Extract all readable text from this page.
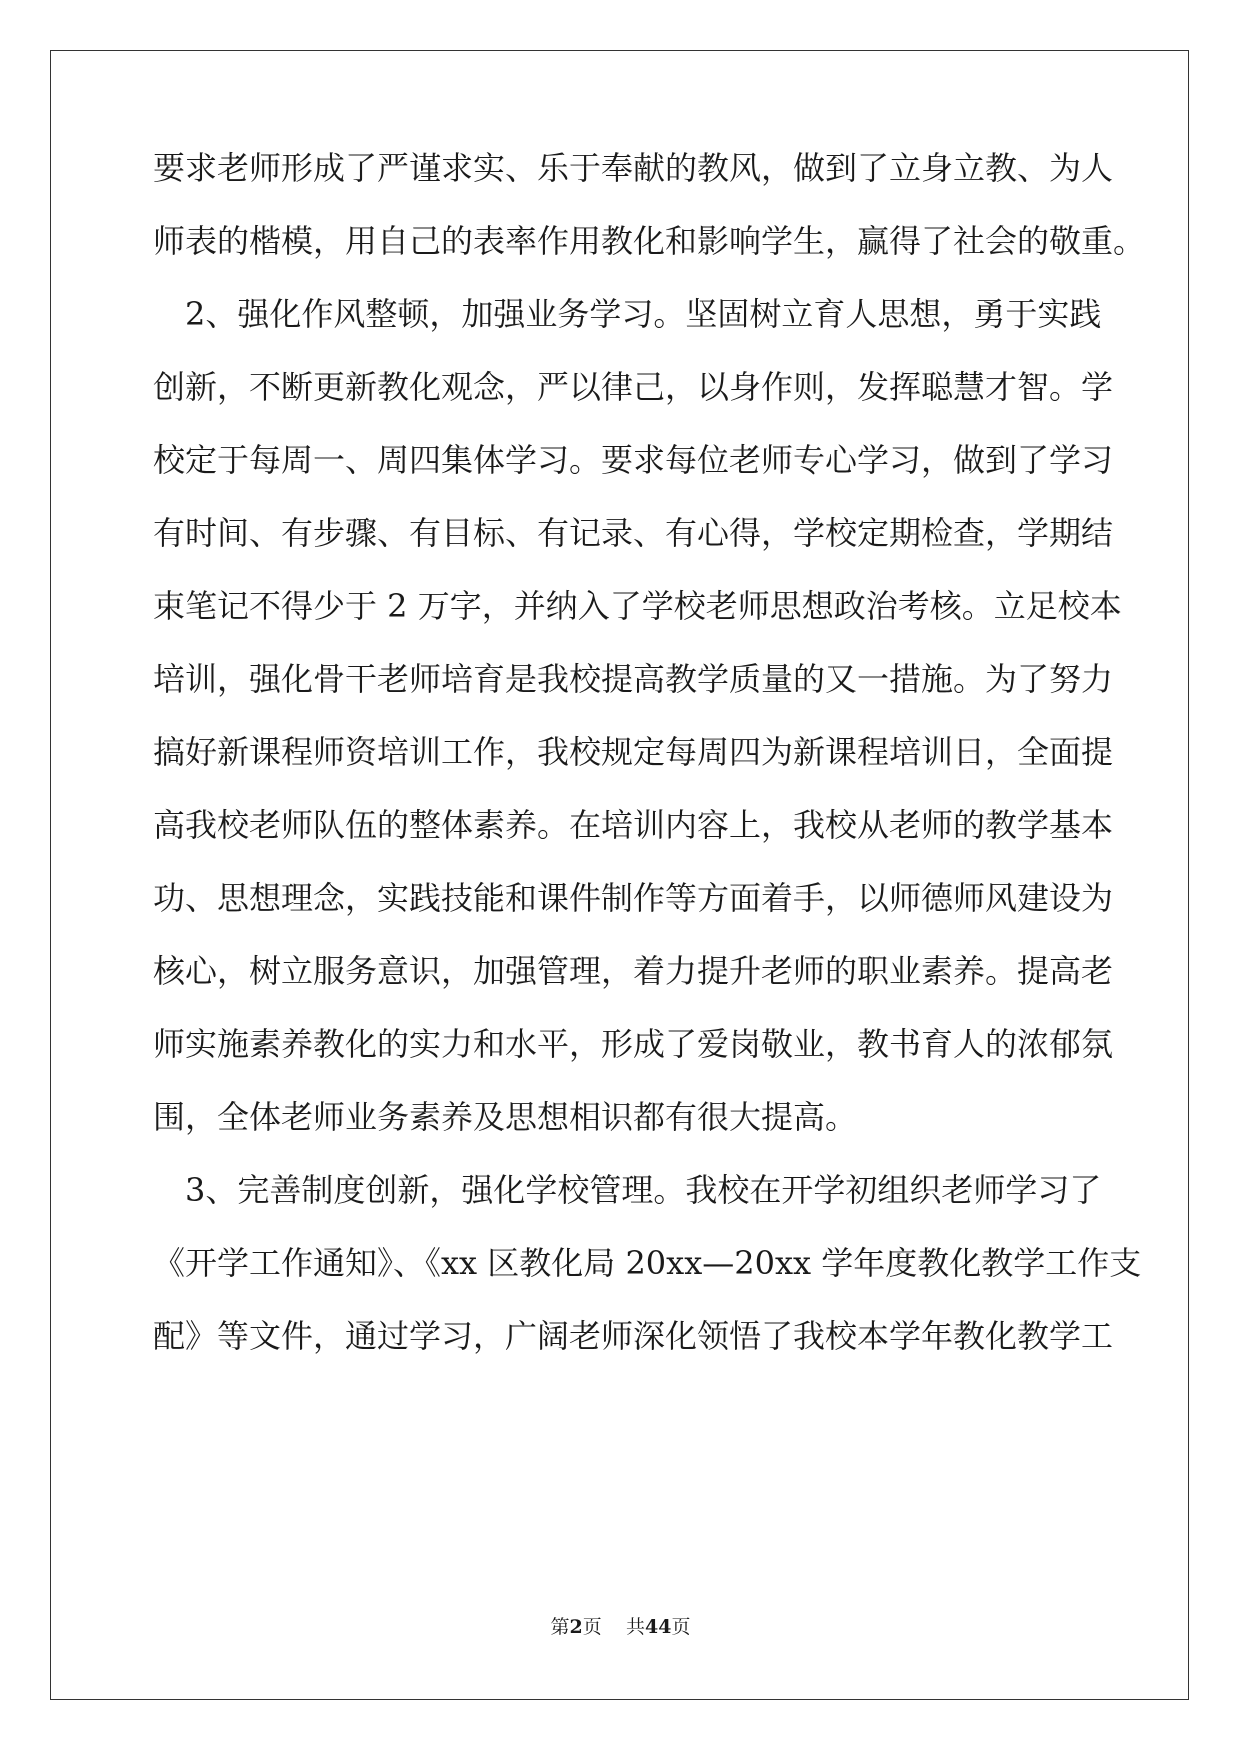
要求老师形成了严谨求实、乐于奉献的教风，做到了立身立教、为人

师表的楷模，用自己的表率作用教化和影响学生，赢得了社会的敬重。

2、强化作风整顿，加强业务学习。坚固树立育人思想，勇于实践

创新，不断更新教化观念，严以律己，以身作则，发挥聪慧才智。学

校定于每周一、周四集体学习。要求每位老师专心学习，做到了学习

有时间、有步骤、有目标、有记录、有心得，学校定期检查，学期结

束笔记不得少于 2 万字，并纳入了学校老师思想政治考核。立足校本

培训，强化骨干老师培育是我校提高教学质量的又一措施。为了努力

搞好新课程师资培训工作，我校规定每周四为新课程培训日，全面提

高我校老师队伍的整体素养。在培训内容上，我校从老师的教学基本

功、思想理念，实践技能和课件制作等方面着手，以师德师风建设为

核心，树立服务意识，加强管理，着力提升老师的职业素养。提高老

师实施素养教化的实力和水平，形成了爱岗敬业，教书育人的浓郁氛

围，全体老师业务素养及思想相识都有很大提高。

3、完善制度创新，强化学校管理。我校在开学初组织老师学习了

《开学工作通知》、《xx 区教化局 20xx—20xx 学年度教化教学工作支

配》等文件，通过学习，广阔老师深化领悟了我校本学年教化教学工

第2页 共44页
